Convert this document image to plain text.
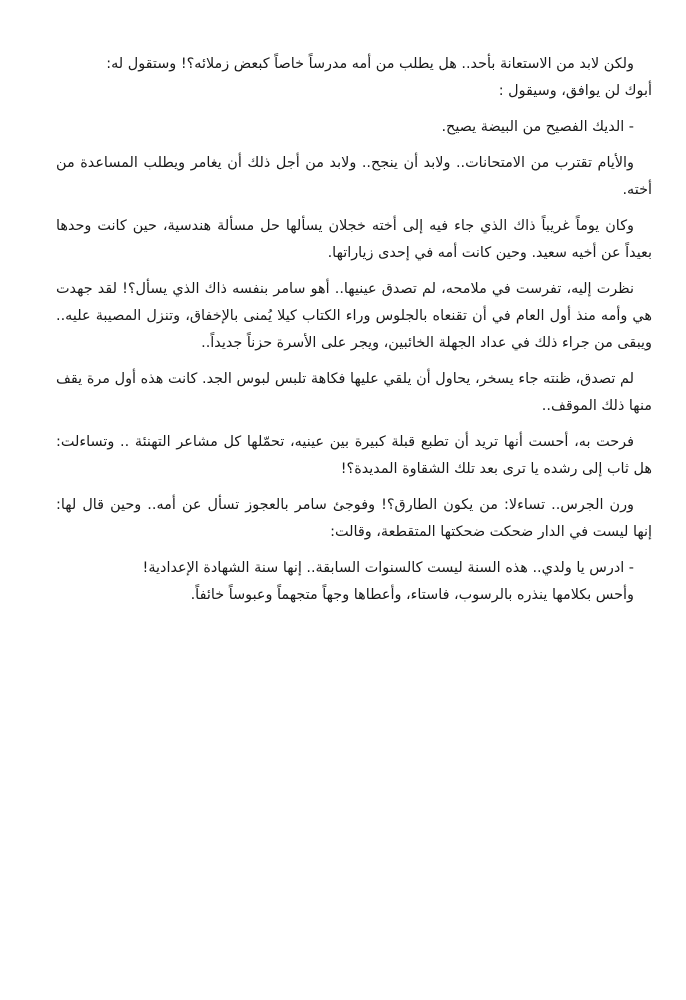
ولكن لابد من الاستعانة بأحد.. هل يطلب من أمه مدرساً خاصاً كبعض زملائه؟! وستقول له:

أبوك لن يوافق، وسيقول :

- الديك الفصيح من البيضة يصيح.

والأيام تقترب من الامتحانات.. ولابد أن ينجح.. ولابد من أجل ذلك أن يغامر ويطلب المساعدة من أخته.

وكان يوماً غريباً ذاك الذي جاء فيه إلى أخته خجلان يسألها حل مسألة هندسية، حين كانت وحدها بعيداً عن أخيه سعيد. وحين كانت أمه في إحدى زياراتها.

نظرت إليه، تفرست في ملامحه، لم تصدق عينيها.. أهو سامر بنفسه ذاك الذي يسأل؟! لقد جهدت هي وأمه منذ أول العام في أن تقنعاه بالجلوس وراء الكتاب كيلا يُمنى بالإخفاق، وتنزل المصيبة عليه.. ويبقى من جراء ذلك في عداد الجهلة الخائبين، ويجر على الأسرة حزناً جديداً..

لم تصدق، ظنته جاء يسخر، يحاول أن يلقي عليها فكاهة تلبس لبوس الجد. كانت هذه أول مرة يقف منها ذلك الموقف..

فرحت به، أحست أنها تريد أن تطبع قبلة كبيرة بين عينيه، تحمّلها كل مشاعر التهنئة .. وتساءلت: هل ثاب إلى رشده يا ترى بعد تلك الشقاوة المديدة؟!

ورن الجرس.. تساءلا: من يكون الطارق؟! وفوجئ سامر بالعجوز تسأل عن أمه.. وحين قال لها: إنها ليست في الدار ضحكت ضحكتها المتقطعة، وقالت:

- ادرس يا ولدي.. هذه السنة ليست كالسنوات السابقة.. إنها سنة الشهادة الإعدادية!

وأحس بكلامها ينذره بالرسوب، فاستاء، وأعطاها وجهاً متجهماً وعبوساً خائفاً.
